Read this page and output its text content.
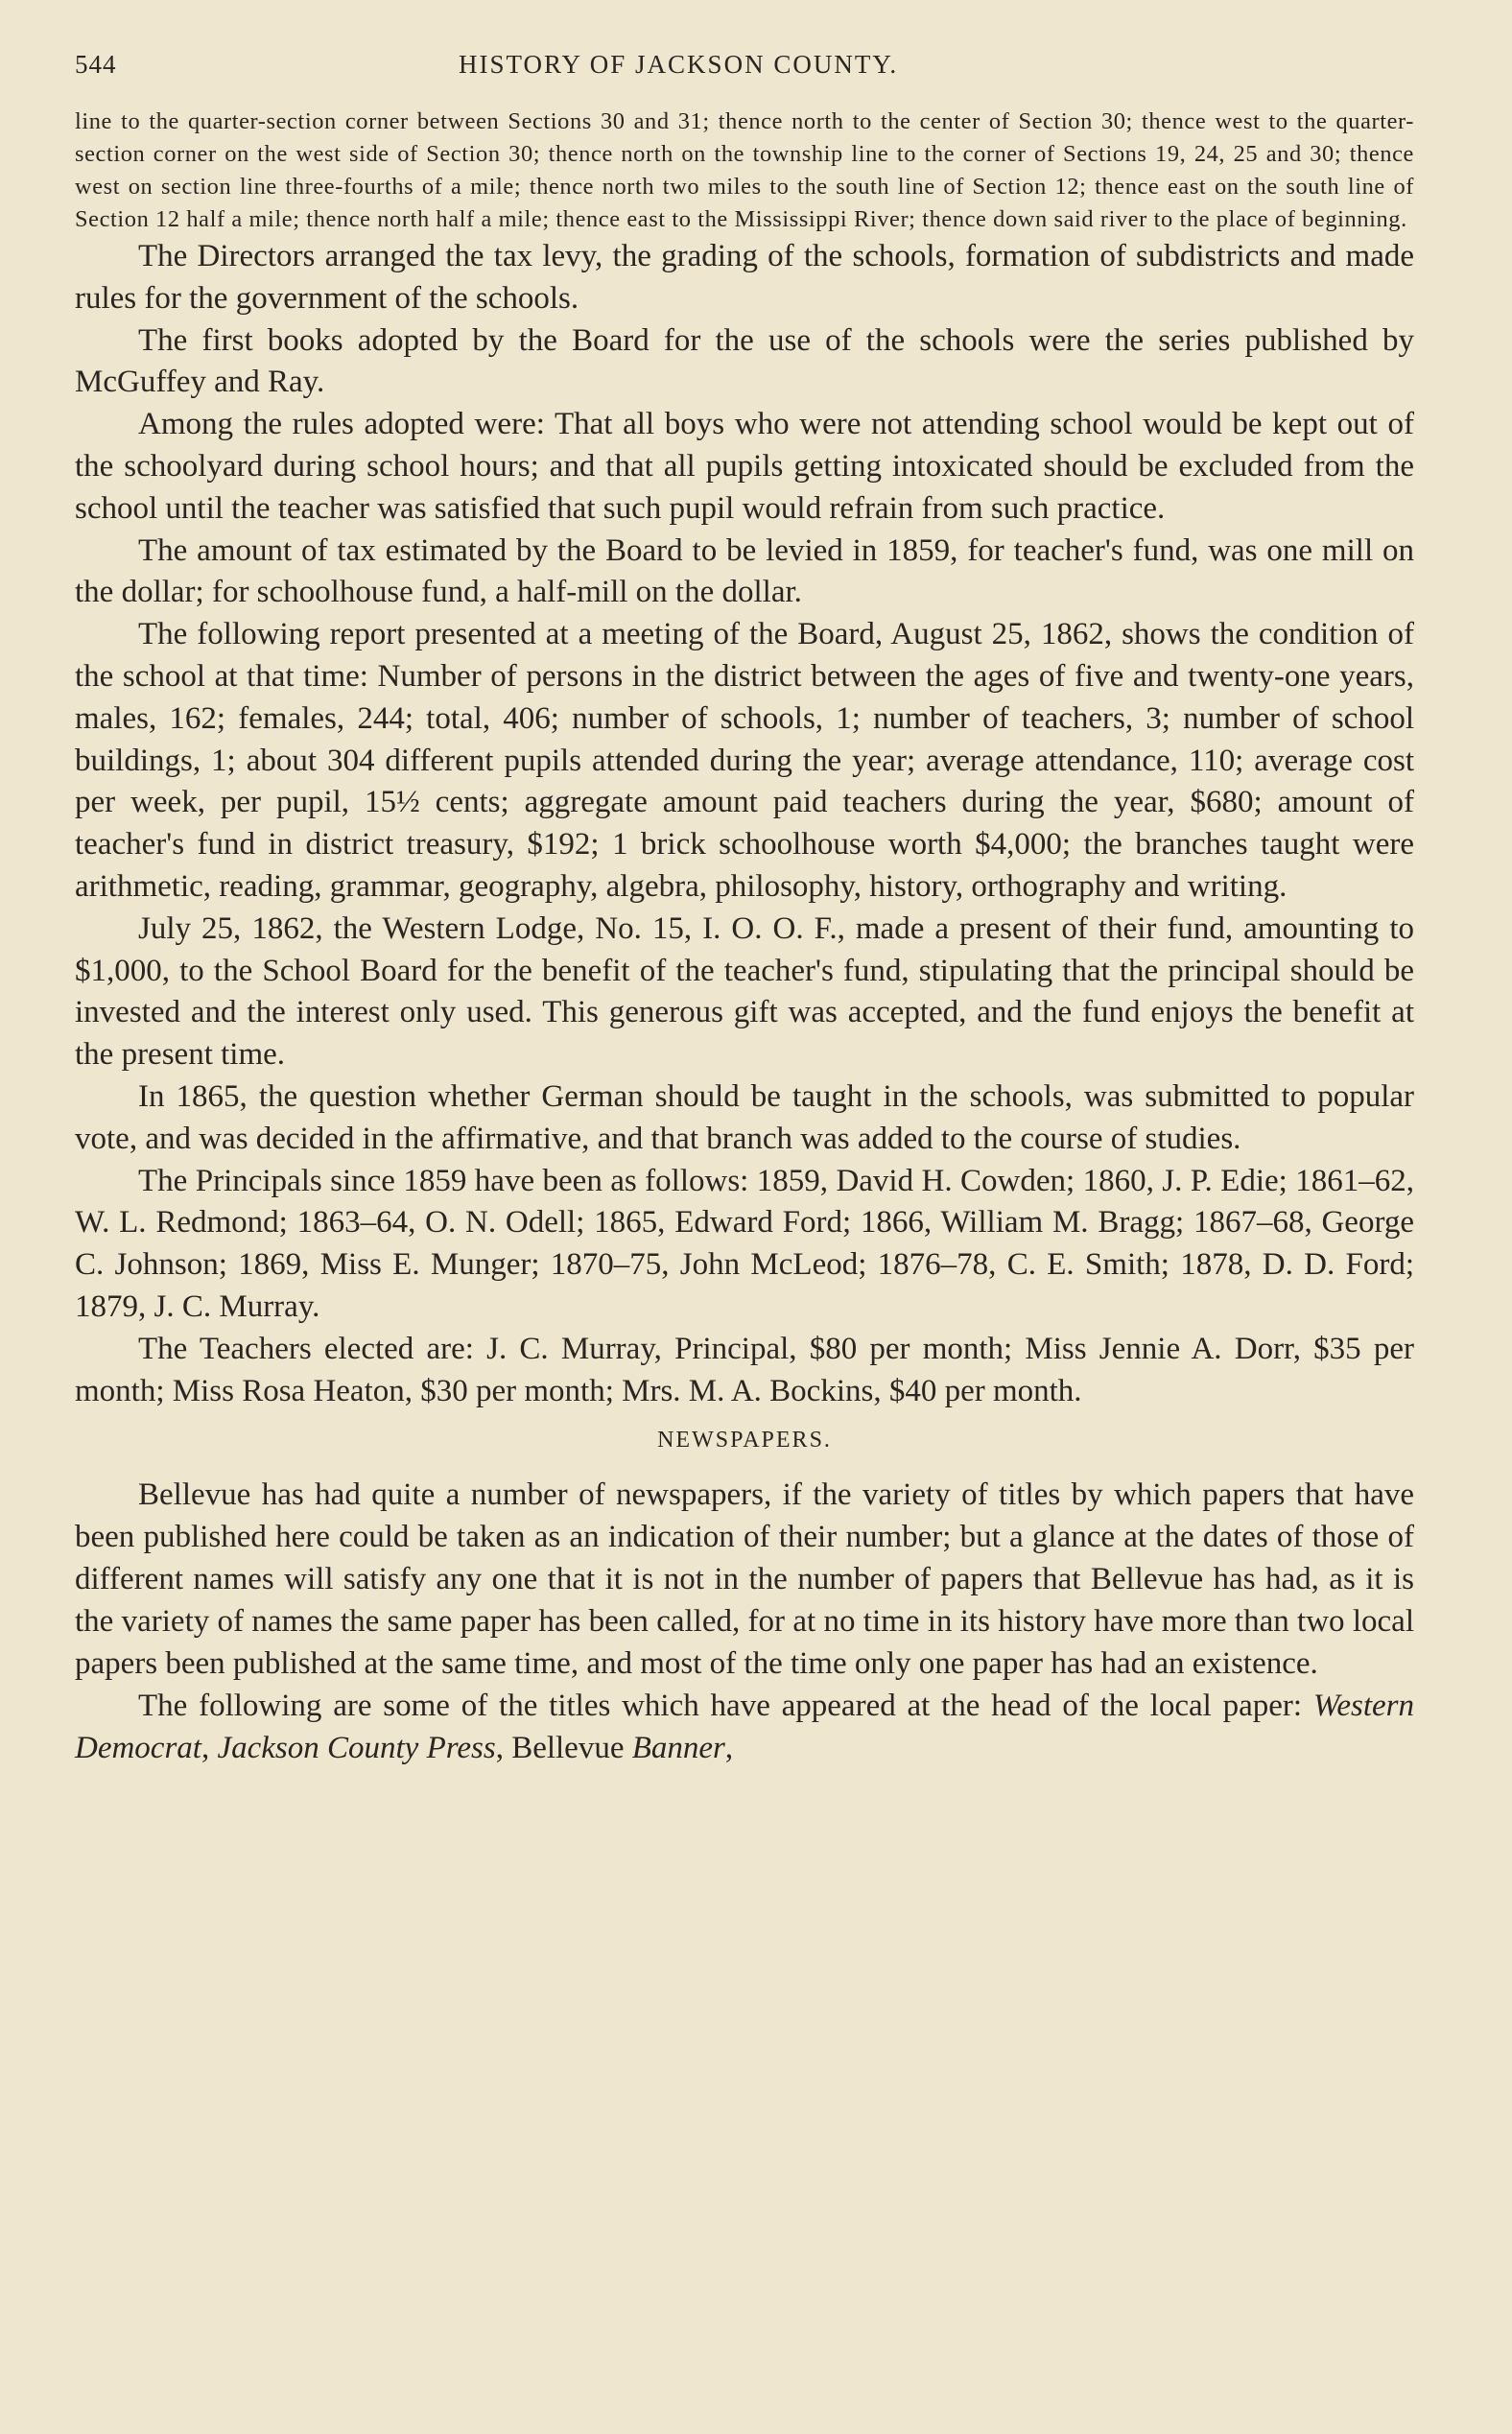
544	HISTORY OF JACKSON COUNTY.

line to the quarter-section corner between Sections 30 and 31; thence north to the center of Section 30; thence west to the quarter-section corner on the west side of Section 30; thence north on the township line to the corner of Sections 19, 24, 25 and 30; thence west on section line three-fourths of a mile; thence north two miles to the south line of Section 12; thence east on the south line of Section 12 half a mile; thence north half a mile; thence east to the Mississippi River; thence down said river to the place of beginning.

The Directors arranged the tax levy, the grading of the schools, formation of subdistricts and made rules for the government of the schools.

The first books adopted by the Board for the use of the schools were the series published by McGuffey and Ray.

Among the rules adopted were: That all boys who were not attending school would be kept out of the schoolyard during school hours; and that all pupils getting intoxicated should be excluded from the school until the teacher was satisfied that such pupil would refrain from such practice.

The amount of tax estimated by the Board to be levied in 1859, for teacher's fund, was one mill on the dollar; for schoolhouse fund, a half-mill on the dollar.

The following report presented at a meeting of the Board, August 25, 1862, shows the condition of the school at that time: Number of persons in the district between the ages of five and twenty-one years, males, 162; females, 244; total, 406; number of schools, 1; number of teachers, 3; number of school buildings, 1; about 304 different pupils attended during the year; average attendance, 110; average cost per week, per pupil, 15½ cents; aggregate amount paid teachers during the year, $680; amount of teacher's fund in district treasury, $192; 1 brick schoolhouse worth $4,000; the branches taught were arithmetic, reading, grammar, geography, algebra, philosophy, history, orthography and writing.

July 25, 1862, the Western Lodge, No. 15, I. O. O. F., made a present of their fund, amounting to $1,000, to the School Board for the benefit of the teacher's fund, stipulating that the principal should be invested and the interest only used. This generous gift was accepted, and the fund enjoys the benefit at the present time.

In 1865, the question whether German should be taught in the schools, was submitted to popular vote, and was decided in the affirmative, and that branch was added to the course of studies.

The Principals since 1859 have been as follows: 1859, David H. Cowden; 1860, J. P. Edie; 1861–62, W. L. Redmond; 1863–64, O. N. Odell; 1865, Edward Ford; 1866, William M. Bragg; 1867–68, George C. Johnson; 1869, Miss E. Munger; 1870–75, John McLeod; 1876–78, C. E. Smith; 1878, D. D. Ford; 1879, J. C. Murray.

The Teachers elected are: J. C. Murray, Principal, $80 per month; Miss Jennie A. Dorr, $35 per month; Miss Rosa Heaton, $30 per month; Mrs. M. A. Bockins, $40 per month.

NEWSPAPERS.

Bellevue has had quite a number of newspapers, if the variety of titles by which papers that have been published here could be taken as an indication of their number; but a glance at the dates of those of different names will satisfy any one that it is not in the number of papers that Bellevue has had, as it is the variety of names the same paper has been called, for at no time in its history have more than two local papers been published at the same time, and most of the time only one paper has had an existence.

The following are some of the titles which have appeared at the head of the local paper: Western Democrat, Jackson County Press, Bellevue Banner,
